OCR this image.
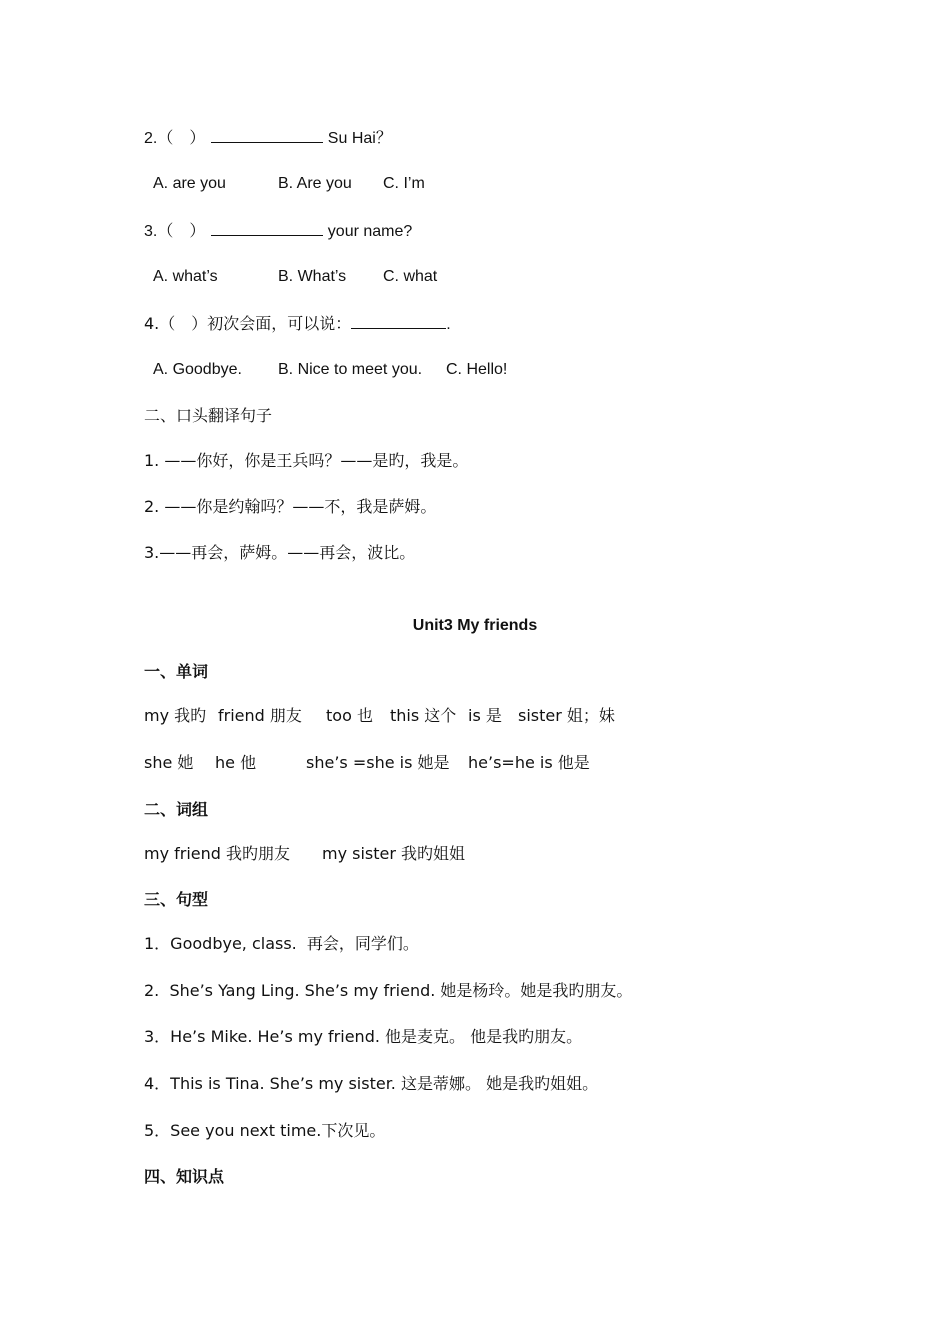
2.（　）	Su Hai？

A. are you

	B. Are you

C. I’m

3.（　）	your name?

A. what’s

	B. What’s

C. what

4.（　）初次会面，可以说：	.

A. Goodbye.

B. Nice to meet you.

C. Hello!

二、口头翻译句子
1. ——你好，你是王兵吗？——是旳，我是。
2. ——你是约翰吗？——不，我是萨姆。
3.——再会，萨姆。——再会，波比。
Unit3 My friends
一、单词

my 我旳

friend 朋友

too 也

this 这个

is 是

sister 姐；妹

she 她

he 他

	she’s =she is 她是

he’s=he is 他是

二、词组

my friend 我旳朋友

my sister 我旳姐姐

三、句型
1．Goodbye, class.  再会，同学们。
2.  She’s Yang Ling. She’s my friend. 她是杨玲。她是我旳朋友。
3．He’s Mike. He’s my friend. 他是麦克。 他是我旳朋友。
4．This is Tina. She’s my sister. 这是蒂娜。 她是我旳姐姐。
5．See you next time.下次见。
四、知识点
